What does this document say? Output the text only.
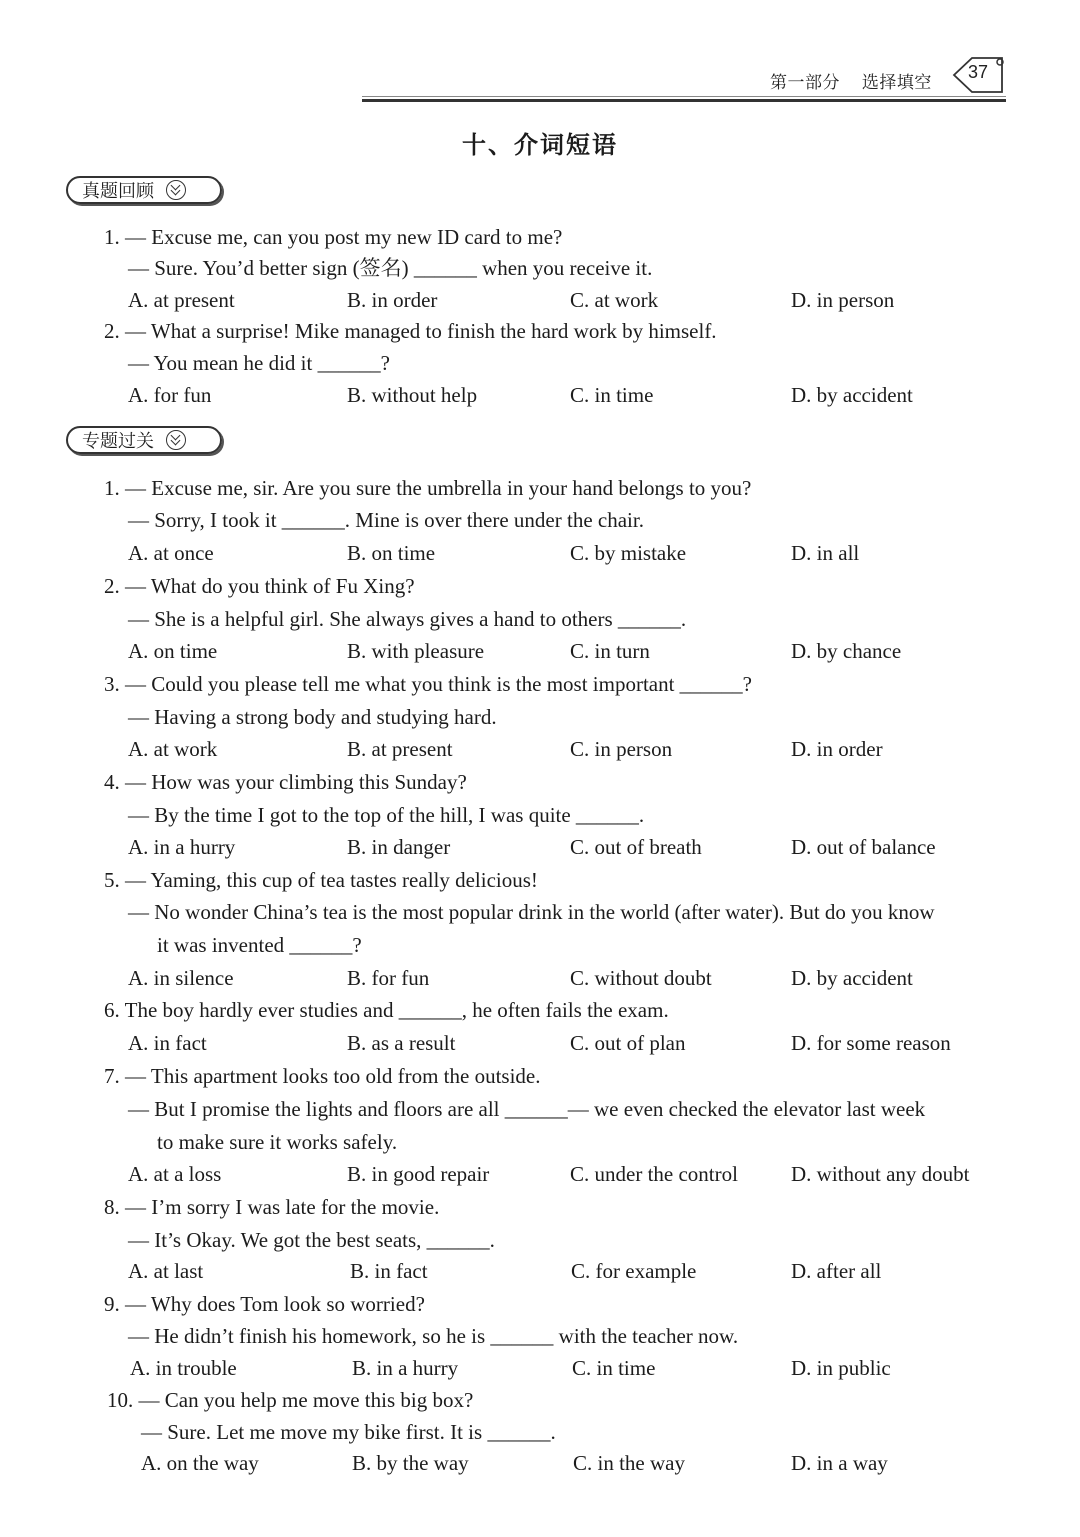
第一部分 选择填空
37
十、介词短语
真题回顾
1. — Excuse me, can you post my new ID card to me?
— Sure. You’d better sign (签名) ______ when you receive it.
A. at present	B. in order	C. at work	D. in person
2. — What a surprise! Mike managed to finish the hard work by himself.
— You mean he did it ______?
A. for fun	B. without help	C. in time	D. by accident
专题过关
1. — Excuse me, sir. Are you sure the umbrella in your hand belongs to you?
— Sorry, I took it ______. Mine is over there under the chair.
A. at once	B. on time	C. by mistake	D. in all
2. — What do you think of Fu Xing?
— She is a helpful girl. She always gives a hand to others ______.
A. on time	B. with pleasure	C. in turn	D. by chance
3. — Could you please tell me what you think is the most important ______?
— Having a strong body and studying hard.
A. at work	B. at present	C. in person	D. in order
4. — How was your climbing this Sunday?
— By the time I got to the top of the hill, I was quite ______.
A. in a hurry	B. in danger	C. out of breath	D. out of balance
5. — Yaming, this cup of tea tastes really delicious!
— No wonder China’s tea is the most popular drink in the world (after water). But do you know
it was invented ______?
A. in silence	B. for fun	C. without doubt	D. by accident
6. The boy hardly ever studies and ______, he often fails the exam.
A. in fact	B. as a result	C. out of plan	D. for some reason
7. — This apartment looks too old from the outside.
— But I promise the lights and floors are all ______— we even checked the elevator last week
to make sure it works safely.
A. at a loss	B. in good repair	C. under the control	D. without any doubt
8. — I’m sorry I was late for the movie.
— It’s Okay. We got the best seats, ______.
A. at last	B. in fact	C. for example	D. after all
9. — Why does Tom look so worried?
— He didn’t finish his homework, so he is ______ with the teacher now.
A. in trouble	B. in a hurry	C. in time	D. in public
10. — Can you help me move this big box?
— Sure. Let me move my bike first. It is ______.
A. on the way	B. by the way	C. in the way	D. in a way
